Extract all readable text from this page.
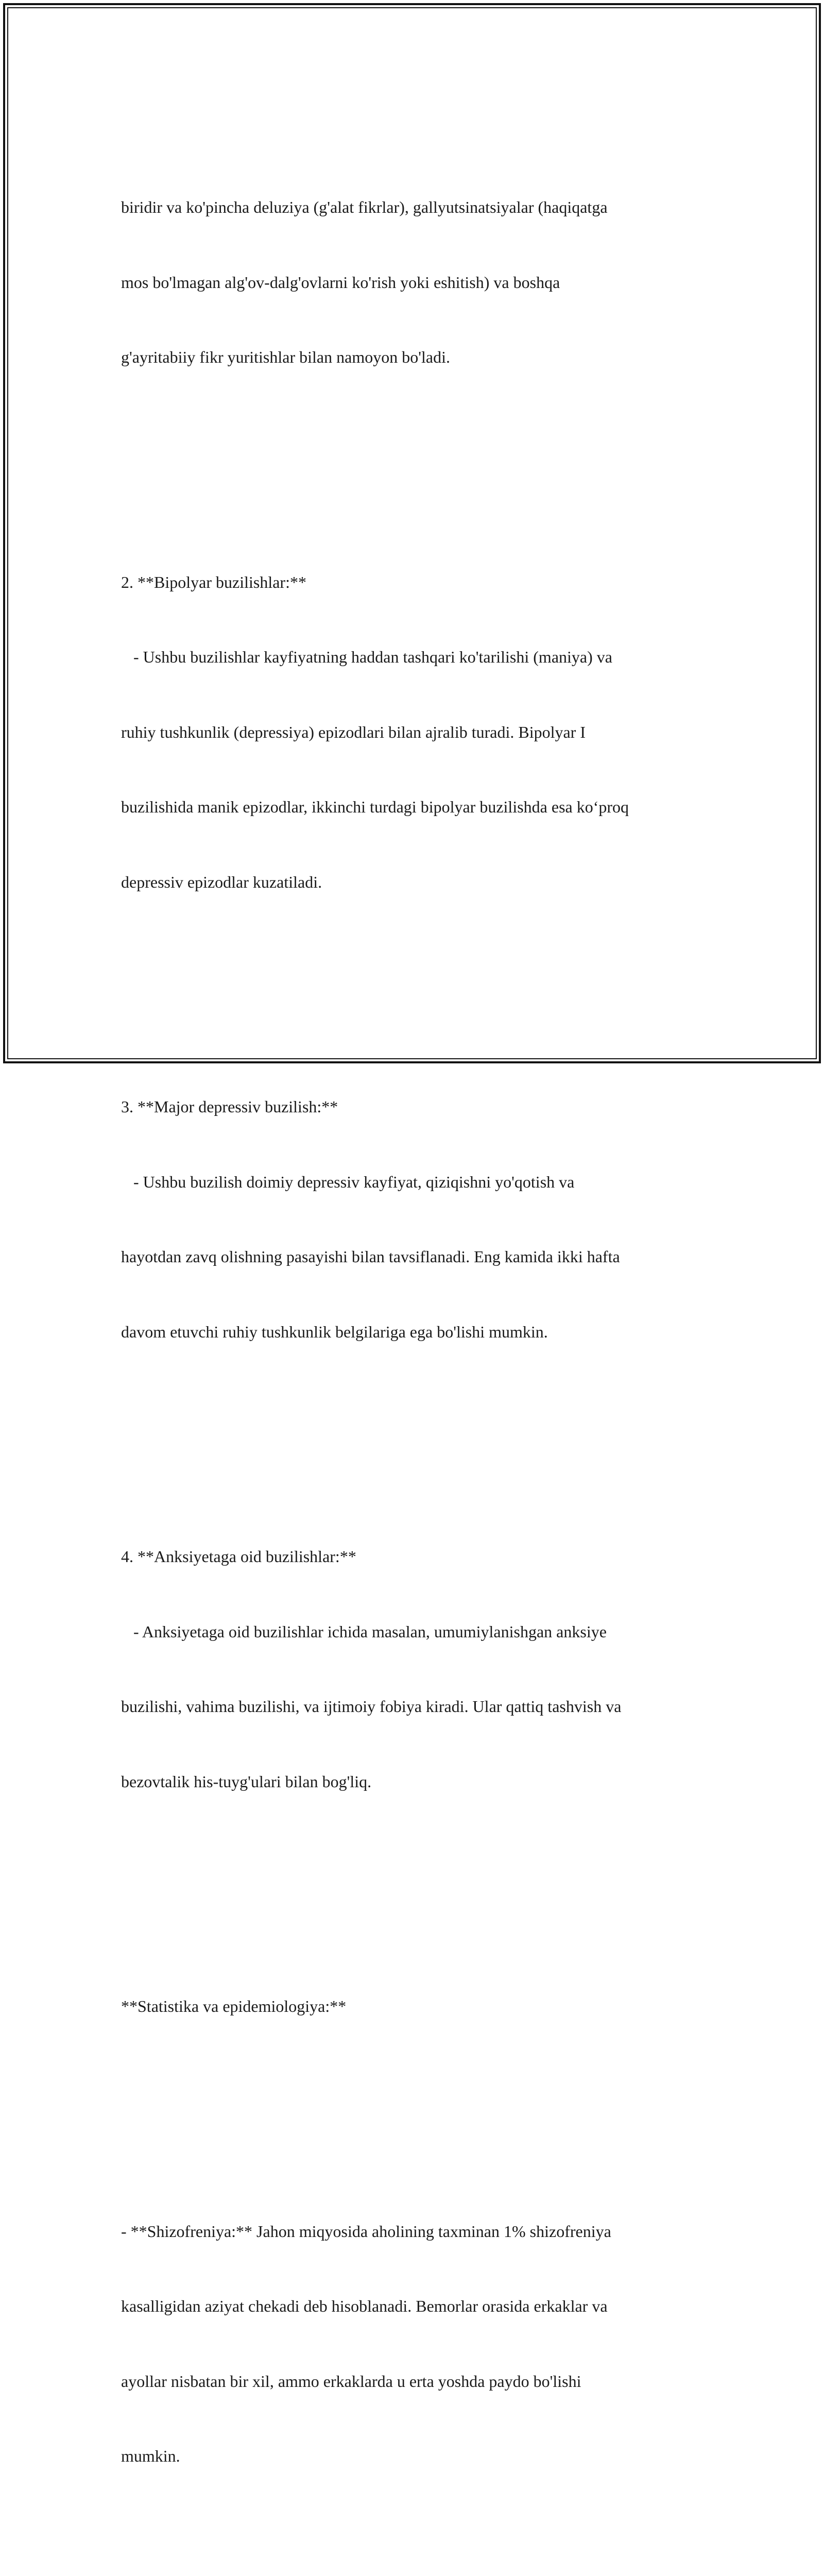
biridir va ko'pincha deluziya (g'alat fikrlar), gallyutsinatsiyalar (haqiqatga

mos bo'lmagan alg'ov-dalg'ovlarni ko'rish yoki eshitish) va boshqa

g'ayritabiiy fikr yuritishlar bilan namoyon bo'ladi.

2. **Bipolyar buzilishlar:**

- Ushbu buzilishlar kayfiyatning haddan tashqari ko'tarilishi (maniya) va

ruhiy tushkunlik (depressiya) epizodlari bilan ajralib turadi. Bipolyar I

buzilishida manik epizodlar, ikkinchi turdagi bipolyar buzilishda esa ko‘proq

depressiv epizodlar kuzatiladi.

3. **Major depressiv buzilish:**

- Ushbu buzilish doimiy depressiv kayfiyat, qiziqishni yo'qotish va

hayotdan zavq olishning pasayishi bilan tavsiflanadi. Eng kamida ikki hafta

davom etuvchi ruhiy tushkunlik belgilariga ega bo'lishi mumkin.

4. **Anksiyetaga oid buzilishlar:**

- Anksiyetaga oid buzilishlar ichida masalan, umumiylanishgan anksiye

buzilishi, vahima buzilishi, va ijtimoiy fobiya kiradi. Ular qattiq tashvish va

bezovtalik his-tuyg'ulari bilan bog'liq.

**Statistika va epidemiologiya:**

- **Shizofreniya:** Jahon miqyosida aholining taxminan 1% shizofreniya

kasalligidan aziyat chekadi deb hisoblanadi. Bemorlar orasida erkaklar va

ayollar nisbatan bir xil, ammo erkaklarda u erta yoshda paydo bo'lishi

mumkin.
